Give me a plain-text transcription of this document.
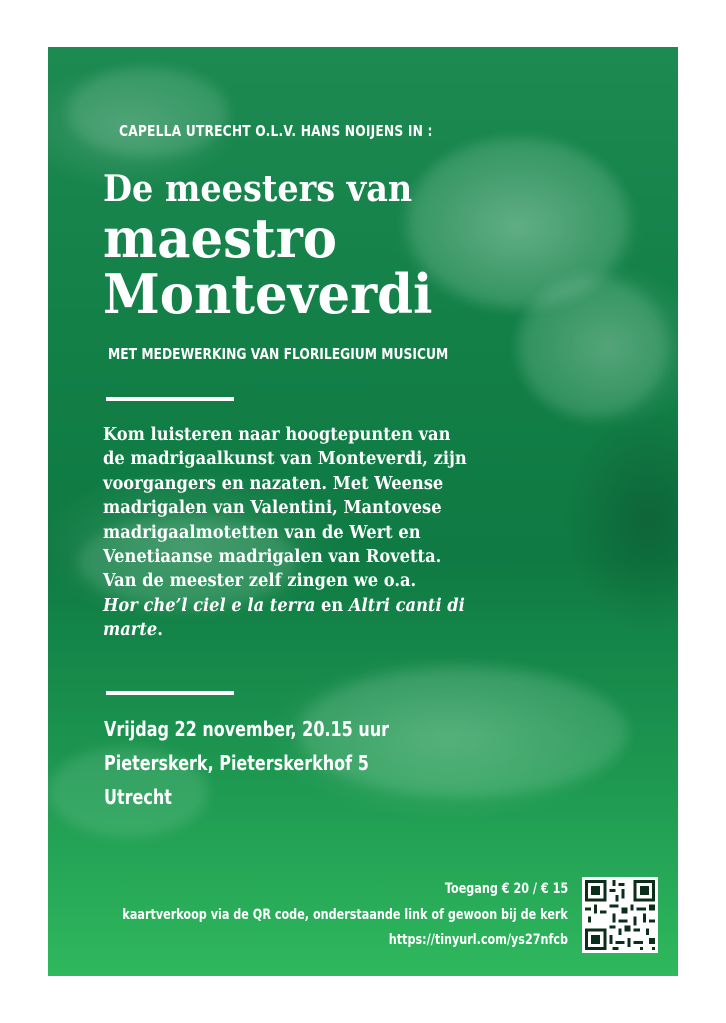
CAPELLA UTRECHT O.L.V. HANS NOIJENS IN :
De meesters van
maestro
Monteverdi
MET MEDEWERKING VAN FLORILEGIUM MUSICUM
Kom luisteren naar hoogtepunten van
de madrigaalkunst van Monteverdi, zijn
voorgangers en nazaten. Met Weense
madrigalen van Valentini, Mantovese
madrigaalmotetten van de Wert en
Venetiaanse madrigalen van Rovetta.
Van de meester zelf zingen we o.a.
Hor che’l ciel e la terra en Altri canti di
marte.
Vrijdag 22 november, 20.15 uur
Pieterskerk, Pieterskerkhof 5
Utrecht
Toegang € 20 / € 15
kaartverkoop via de QR code, onderstaande link of gewoon bij de kerk
https://tinyurl.com/ys27nfcb
